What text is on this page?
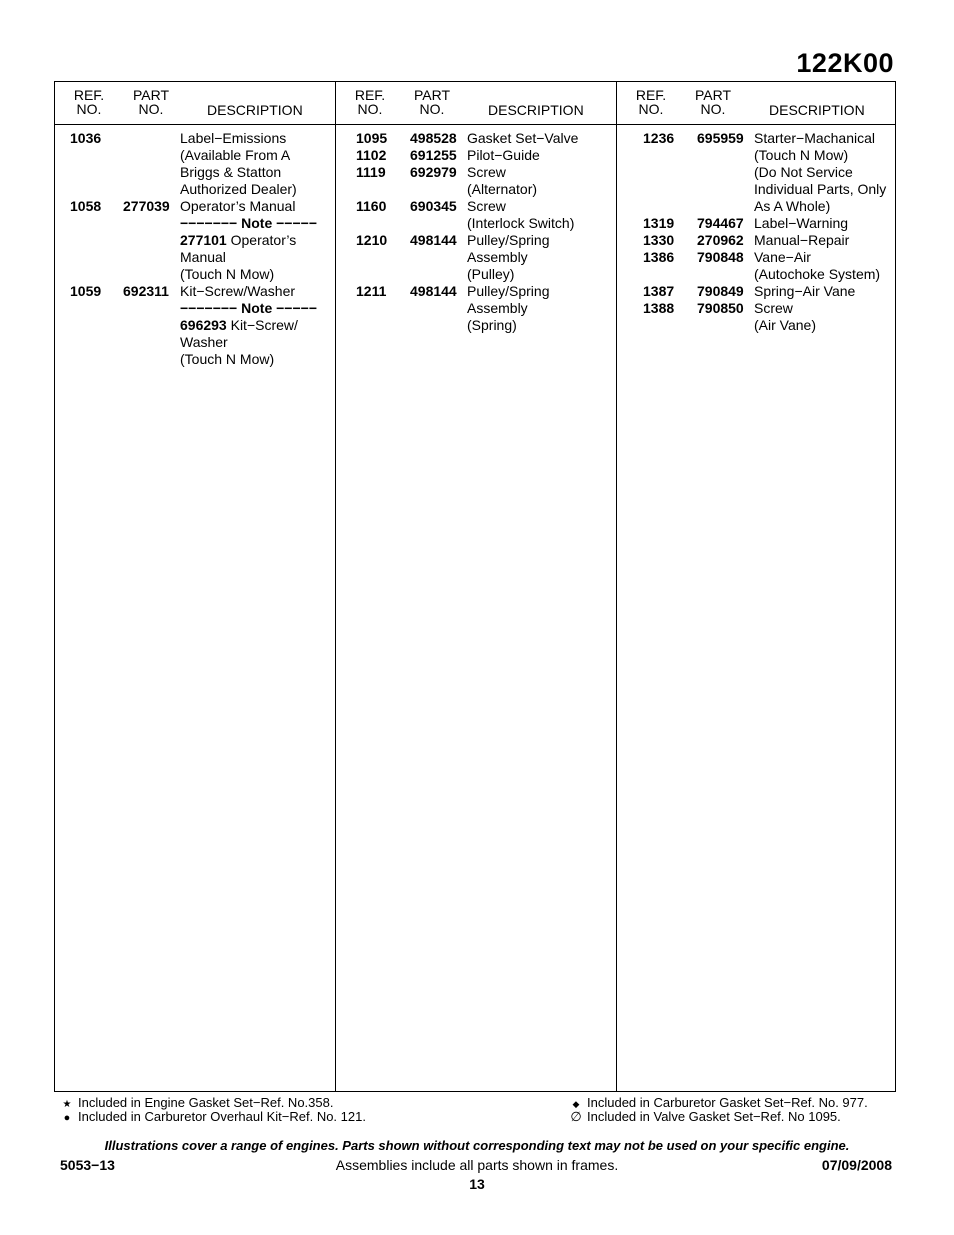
122K00
REF.
NO.
PART
NO.	DESCRIPTION
1036	Label−Emissions
(Available From A
Briggs & Statton
Authorized Dealer)
1058 277039 Operator’s Manual
−−−−−−− Note −−−−−
277101 Operator’s
Manual
(Touch N Mow)
1059 692311 Kit−Screw/Washer
−−−−−−− Note −−−−−
696293 Kit−Screw/
Washer
(Touch N Mow)
REF.
NO.
PART
NO.	DESCRIPTION
1095 498528 Gasket Set−Valve
1102 691255 Pilot−Guide
1119 692979 Screw
(Alternator)
1160 690345 Screw
(Interlock Switch)
1210 498144 Pulley/Spring
Assembly
(Pulley)
1211 498144 Pulley/Spring
Assembly
(Spring)
REF.
NO.
PART
NO.	DESCRIPTION
1236 695959 Starter−Machanical
(Touch N Mow)
(Do Not Service
Individual Parts, Only
As A Whole)
1319 794467 Label−Warning
1330 270962 Manual−Repair
1386 790848 Vane−Air
(Autochoke System)
1387 790849 Spring−Air Vane
1388 790850 Screw
(Air Vane)
★ Included in Engine Gasket Set−Ref. No.358.
● Included in Carburetor Overhaul Kit−Ref. No. 121.
◆ Included in Carburetor Gasket Set−Ref. No. 977.
∅ Included in Valve Gasket Set−Ref. No 1095.
Illustrations cover a range of engines. Parts shown without corresponding text may not be used on your specific engine.
5053−13	Assemblies include all parts shown in frames.	07/09/2008
13
